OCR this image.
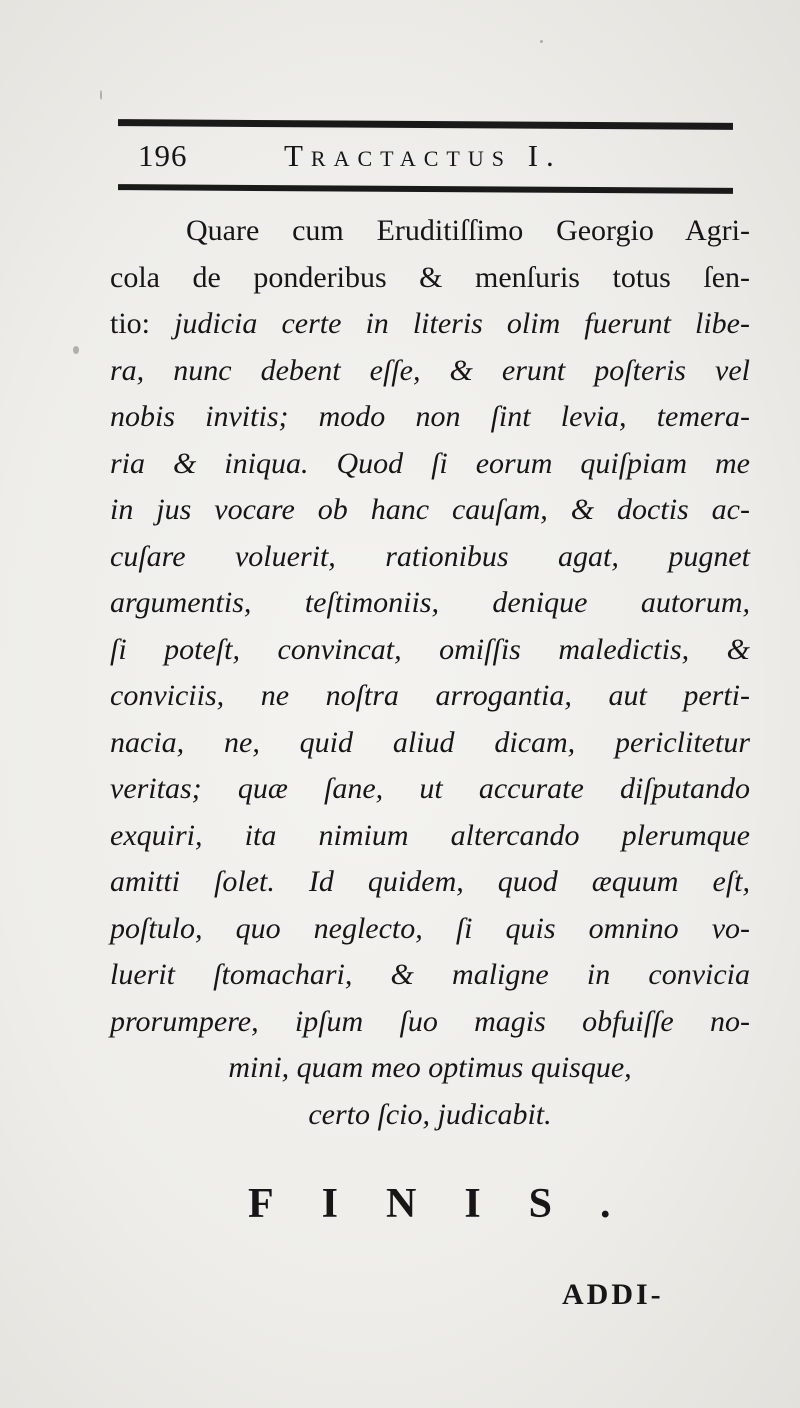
196	Tractactus I.
Quare cum Eruditiſſimo Georgio Agri-
cola de ponderibus & menſuris totus ſen-
tio: judicia certe in literis olim fuerunt libe-
ra, nunc debent eſſe, & erunt poſteris vel
nobis invitis; modo non ſint levia, temera-
ria & iniqua. Quod ſi eorum quiſpiam me
in jus vocare ob hanc cauſam, & doctis ac-
cuſare voluerit, rationibus agat, pugnet
argumentis, teſtimoniis, denique autorum,
ſi poteſt, convincat, omiſſis maledictis, &
conviciis, ne noſtra arrogantia, aut perti-
nacia, ne, quid aliud dicam, periclitetur
veritas; quæ ſane, ut accurate diſputando
exquiri, ita nimium altercando plerumque
amitti ſolet. Id quidem, quod æquum eſt,
poſtulo, quo neglecto, ſi quis omnino vo-
luerit ſtomachari, & maligne in convicia
prorumpere, ipſum ſuo magis obfuiſſe no-
mini, quam meo optimus quisque,
certo ſcio, judicabit.
FINIS.
ADDI-
